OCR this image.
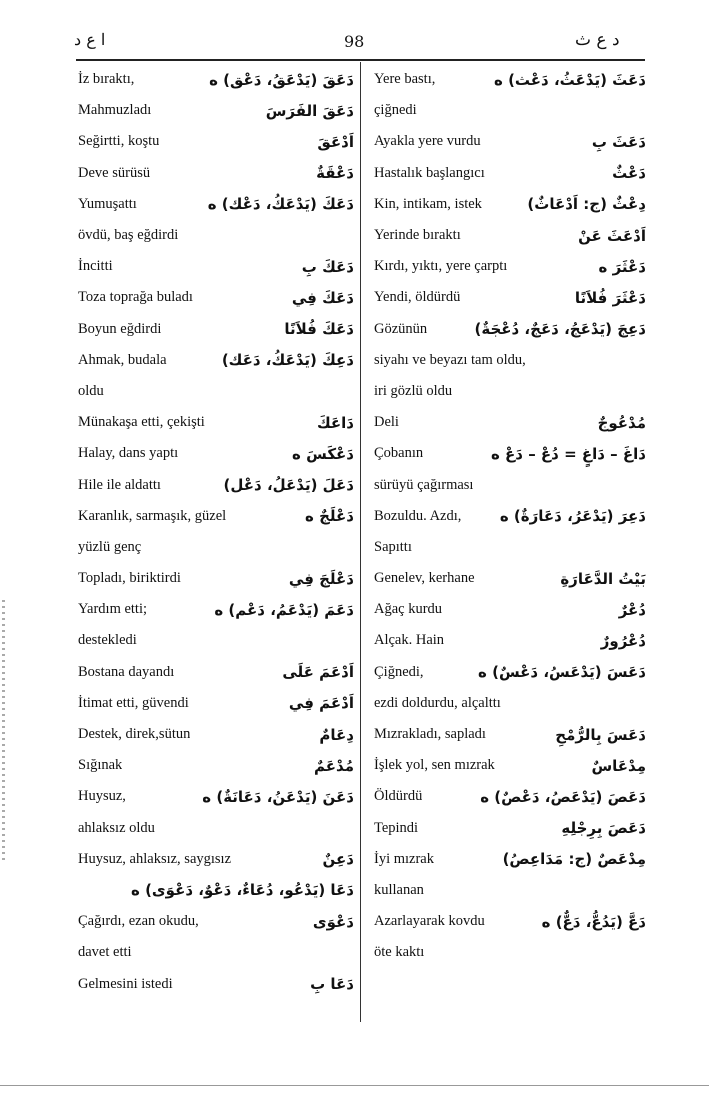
ا ع د	98	د ع ث
İz bıraktı,	دَعَقَ (يَدْعَقُ، دَعْق) ه
Mahmuzladı	دَعَقَ الفَرَسَ
Seğirtti, koştu	اَدْعَقَ
Deve sürüsü	دَعْقَةٌ
Yumuşattı	دَعَكَ (يَدْعَكُ، دَعْك) ه
övdü, baş eğdirdi
İncitti	دَعَكَ بِ
Toza toprağa buladı	دَعَكَ فِي
Boyun eğdirdi	دَعَكَ فُلاَنًا
Ahmak, budala	دَعِكَ (يَدْعَكُ، دَعَك)
oldu
Münakaşa etti, çekişti	دَاعَكَ
Halay, dans yaptı	دَعْكَسَ ه
Hile ile aldattı	دَعَلَ (يَدْعَلُ، دَعْل)
Karanlık, sarmaşık, güzel	دَعْلَجٌ ه
yüzlü genç
Topladı, biriktirdi	دَعْلَجَ فِي
Yardım etti;	دَعَمَ (يَدْعَمُ، دَعْم) ه
destekledi
Bostana dayandı	اَدْعَمَ عَلَى
İtimat etti, güvendi	اَدْعَمَ فِي
Destek, direk,sütun	دِعَامٌ
Sığınak	مُدْعَمٌ
Huysuz,	دَعَنَ (يَدْعَنُ، دَعَانَةٌ) ه
ahlaksız oldu
Huysuz, ahlaksız, saygısız	دَعِنٌ
دَعَا (يَدْعُو، دُعَاءٌ، دَعْوٌ، دَعْوَى) ه
Çağırdı, ezan okudu,	دَعْوَى
davet etti
Gelmesini istedi	دَعَا بِ
Yere bastı,	دَعَثَ (يَدْعَثُ، دَعْث) ه
çiğnedi
Ayakla yere vurdu	دَعَثَ بِ
Hastalık başlangıcı	دَعْثٌ
Kin, intikam, istek	دِعْثٌ (ج: اَدْعَاثٌ)
Yerinde bıraktı	اَدْعَثَ عَنْ
Kırdı, yıktı, yere çarptı	دَعْثَرَ ه
Yendi, öldürdü	دَعْثَرَ فُلاَنًا
Gözünün	دَعِجَ (يَدْعَجُ، دَعَجٌ، دُعْجَةٌ)
siyahı ve beyazı tam oldu,
iri gözlü oldu
Deli	مُدْعُوجٌ
Çobanın	دَاغَ – دَاغٍ = دُعْ – دَعْ ه
sürüyü çağırması
Bozuldu. Azdı,	دَعِرَ (يَدْعَرُ، دَعَارَةٌ) ه
Sapıttı
Genelev, kerhane	بَيْتُ الدَّعَارَةِ
Ağaç kurdu	دُعْرٌ
Alçak. Hain	دُعْرُورٌ
Çiğnedi,	دَعَسَ (يَدْعَسُ، دَعْسٌ) ه
ezdi doldurdu, alçalttı
Mızrakladı, sapladı	دَعَسَ بِالرُّمْحِ
İşlek yol, sen mızrak	مِدْعَاسٌ
Öldürdü	دَعَصَ (يَدْعَصُ، دَعْصٌ) ه
Tepindi	دَعَصَ بِرِجْلِهِ
İyi mızrak	مِدْعَصٌ (ج: مَدَاعِصُ)
kullanan
Azarlayarak kovdu	دَعَّ (يَدُعُّ، دَعٌّ) ه
öte kaktı
